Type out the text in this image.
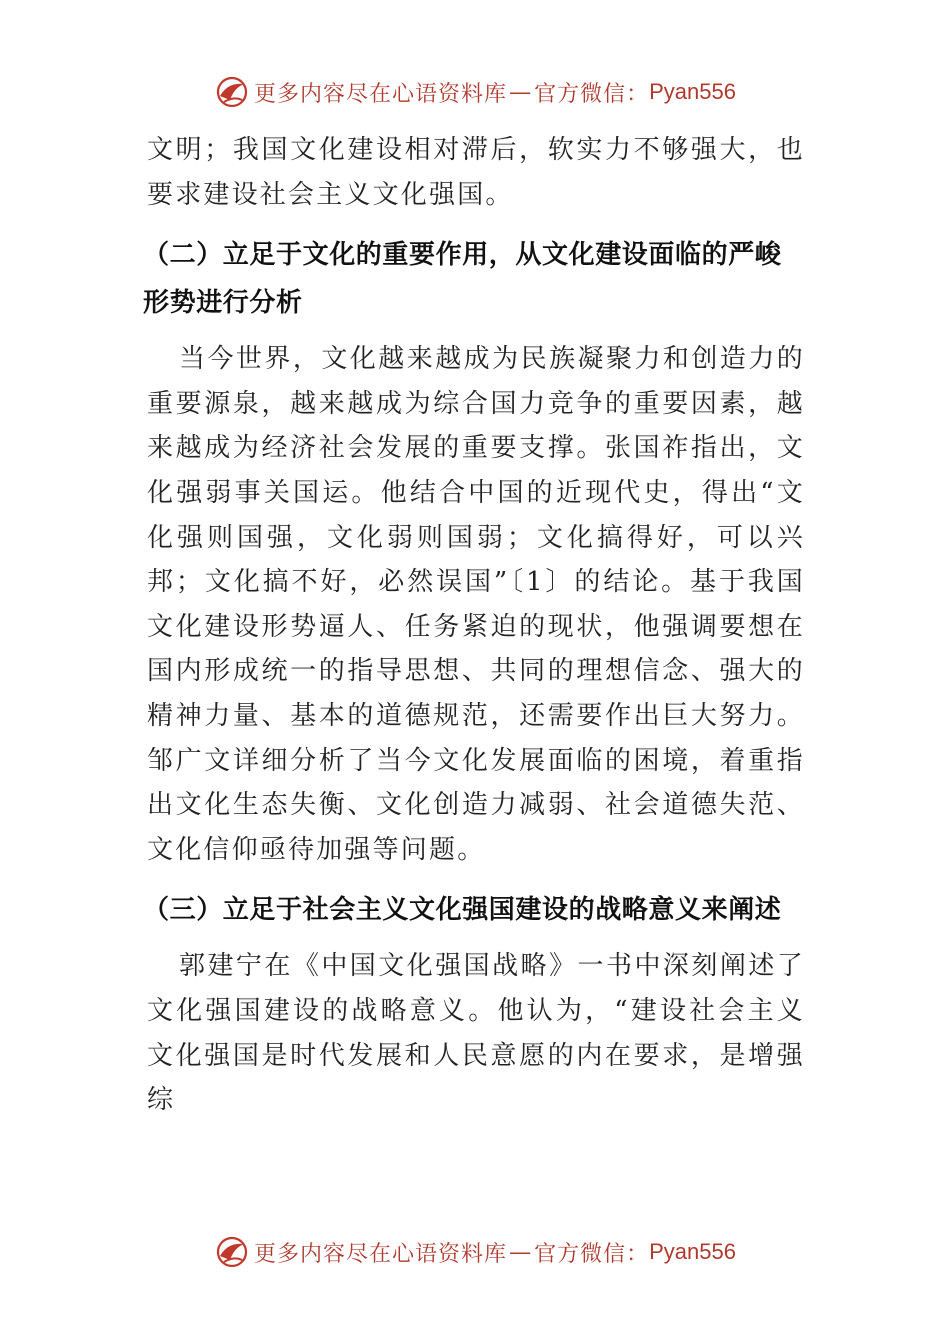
更多内容尽在心语资料库 — 官方微信： Pyan556

文明；我国文化建设相对滞后，软实力不够强大，也要求建设社会主义文化强国。

（二）立足于文化的重要作用，从文化建设面临的严峻形势进行分析

当今世界，文化越来越成为民族凝聚力和创造力的重要源泉，越来越成为综合国力竞争的重要因素，越来越成为经济社会发展的重要支撑。张国祚指出，文化强弱事关国运。他结合中国的近现代史，得出“文化强则国强，文化弱则国弱；文化搞得好，可以兴邦；文化搞不好，必然误国”〔1〕的结论。基于我国文化建设形势逼人、任务紧迫的现状，他强调要想在国内形成统一的指导思想、共同的理想信念、强大的精神力量、基本的道德规范，还需要作出巨大努力。邹广文详细分析了当今文化发展面临的困境，着重指出文化生态失衡、文化创造力减弱、社会道德失范、文化信仰亟待加强等问题。

（三）立足于社会主义文化强国建设的战略意义来阐述

郭建宁在《中国文化强国战略》一书中深刻阐述了文化强国建设的战略意义。他认为，“建设社会主义文化强国是时代发展和人民意愿的内在要求，是增强综

更多内容尽在心语资料库 — 官方微信： Pyan556
